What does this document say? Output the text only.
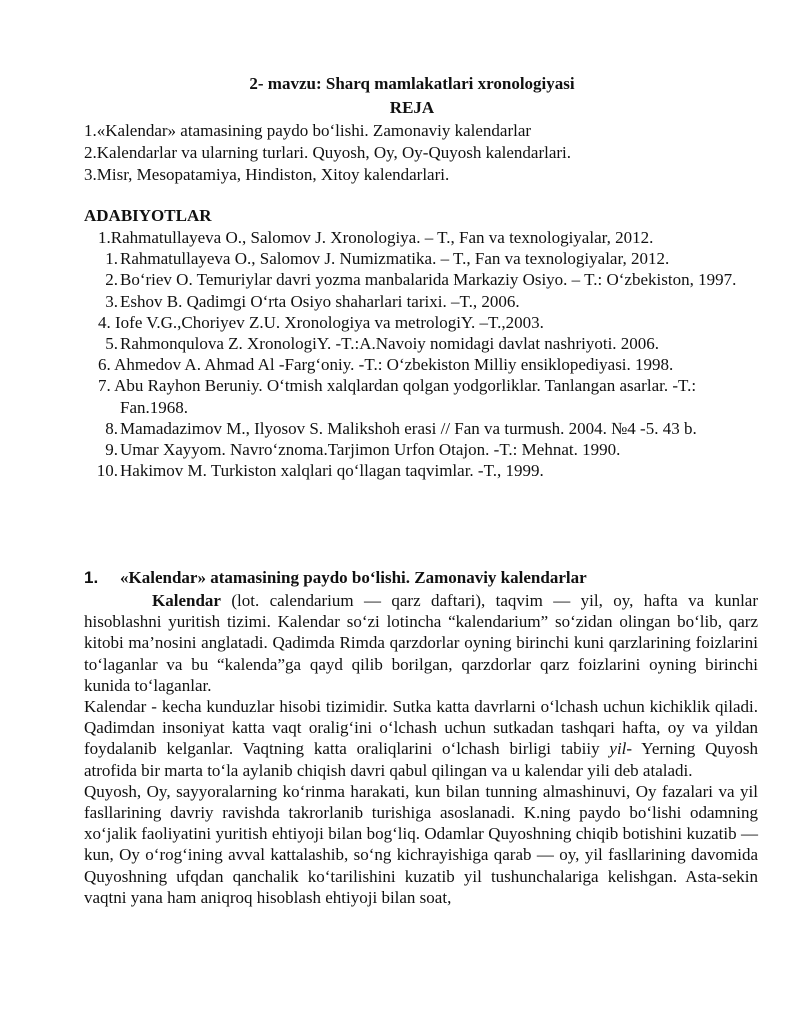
2- mavzu: Sharq mamlakatlari xronologiyasi
REJA
1.«Kalendar» atamasining paydo bo‘lishi. Zamonaviy kalendarlar
2.Kalendarlar va ularning turlari. Quyosh, Oy, Oy-Quyosh kalendarlari.
3.Misr, Mesopatamiya, Hindiston, Xitoy kalendarlari.
ADABIYOTLAR
1.Rahmatullayeva O., Salomov J. Xronologiya. – T., Fan va texnologiyalar, 2012.
1. Rahmatullayeva O., Salomov J. Numizmatika. – T., Fan va texnologiyalar, 2012.
2. Bo‘riev O. Temuriylar davri yozma manbalarida Markaziy Osiyo. – T.: O‘zbekiston, 1997.
3. Eshov B. Qadimgi O‘rta Osiyo shaharlari tarixi. –T., 2006.
4. Iofe V.G.,Choriyev Z.U. Xronologiya va metrologiY. –T.,2003.
5. Rahmonqulova Z. XronologiY. -T.:A.Navoiy nomidagi davlat nashriyoti. 2006.
6. Ahmedov A. Ahmad Al -Farg‘oniy. -T.: O‘zbekiston Milliy ensiklopediyasi. 1998.
7. Abu Rayhon Beruniy. O‘tmish xalqlardan qolgan yodgorliklar. Tanlangan asarlar. -T.:
Fan.1968.
8. Mamadazimov M., Ilyosov S. Malikshoh erasi // Fan va turmush. 2004. №4 -5. 43 b.
9. Umar Xayyom. Navro‘znoma.Tarjimon Urfon Otajon. -T.: Mehnat. 1990.
10. Hakimov M. Turkiston xalqlari qo‘llagan taqvimlar. -T., 1999.
1. «Kalendar» atamasining paydo bo‘lishi. Zamonaviy kalendarlar

Kalendar (lot. calendarium — qarz daftari), taqvim — yil, oy, hafta va kunlar hisoblashni yuritish tizimi. Kalendar so‘zi lotincha “kalendarium” so‘zidan olingan bo‘lib, qarz kitobi ma’nosini anglatadi. Qadimda Rimda qarzdorlar oyning birinchi kuni qarzlarining foizlarini to‘laganlar va bu “kalenda”ga qayd qilib borilgan, qarzdorlar qarz foizlarini oyning birinchi kunida to‘laganlar.

Kalendar - kecha kunduzlar hisobi tizimidir. Sutka katta davrlarni o‘lchash uchun kichiklik qiladi. Qadimdan insoniyat katta vaqt oralig‘ini o‘lchash uchun sutkadan tashqari hafta, oy va yildan foydalanib kelganlar. Vaqtning katta oraliqlarini o‘lchash birligi tabiiy yil- Yerning Quyosh atrofida bir marta to‘la aylanib chiqish davri qabul qilingan va u kalendar yili deb ataladi.

Quyosh, Oy, sayyoralarning ko‘rinma harakati, kun bilan tunning almashinuvi, Oy fazalari va yil fasllarining davriy ravishda takrorlanib turishiga asoslanadi. K.ning paydo bo‘lishi odamning xo‘jalik faoliyatini yuritish ehtiyoji bilan bog‘liq. Odamlar Quyoshning chiqib botishini kuzatib — kun, Oy o‘rog‘ining avval kattalashib, so‘ng kichrayishiga qarab — oy, yil fasllarining davomida Quyoshning ufqdan qanchalik ko‘tarilishini kuzatib yil tushunchalariga kelishgan. Asta-sekin vaqtni yana ham aniqroq hisoblash ehtiyoji bilan soat,
